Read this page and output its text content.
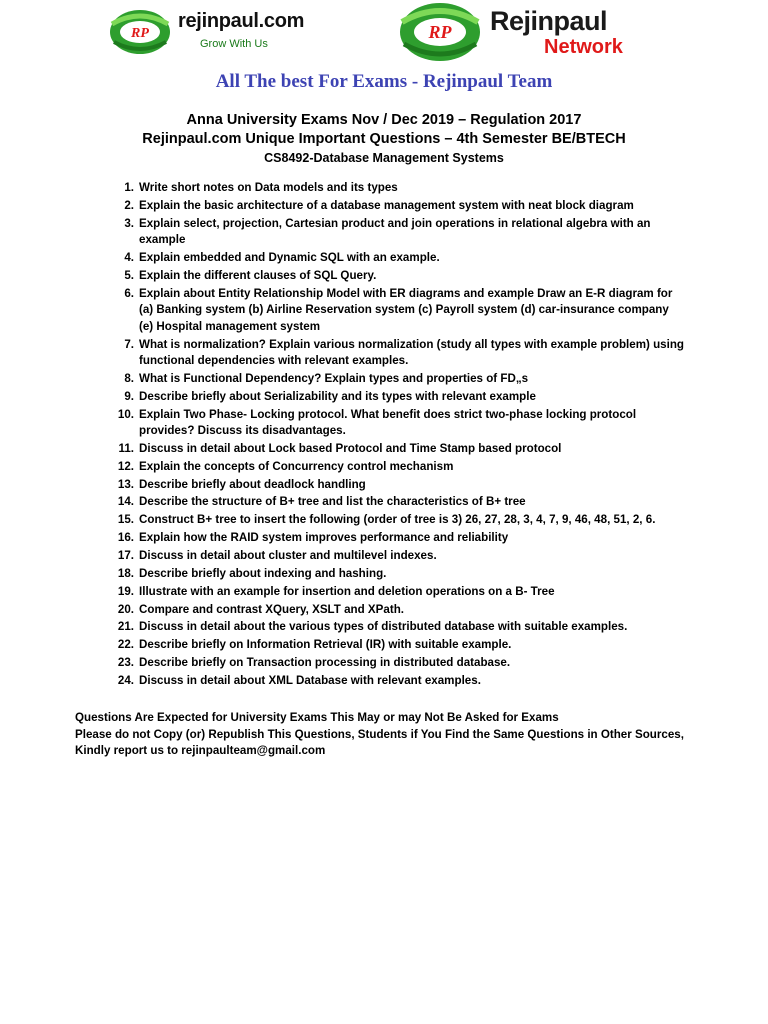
RP
rejinpaul.com
Grow With Us
RP Rejinpaul
Network
All The best For Exams - Rejinpaul Team
Anna University Exams Nov / Dec 2019 – Regulation 2017
Rejinpaul.com Unique Important Questions – 4th Semester BE/BTECH
CS8492-Database Management Systems
1. Write short notes on Data models and its types
2. Explain the basic architecture of a database management system with neat block diagram
3. Explain select, projection, Cartesian product and join operations in relational algebra with an example
4. Explain embedded and Dynamic SQL with an example.
5. Explain the different clauses of SQL Query.
6. Explain about Entity Relationship Model with ER diagrams and example Draw an E-R diagram for (a) Banking system (b) Airline Reservation system (c) Payroll system (d) car-insurance company (e) Hospital management system
7. What is normalization? Explain various normalization (study all types with example problem) using functional dependencies with relevant examples.
8. What is Functional Dependency? Explain types and properties of FD„s
9. Describe briefly about Serializability and its types with relevant example
10. Explain Two Phase- Locking protocol. What benefit does strict two-phase locking protocol provides? Discuss its disadvantages.
11. Discuss in detail about Lock based Protocol and Time Stamp based protocol
12. Explain the concepts of Concurrency control mechanism
13. Describe briefly about deadlock handling
14. Describe the structure of B+ tree and list the characteristics of B+ tree
15. Construct B+ tree to insert the following (order of tree is 3) 26, 27, 28, 3, 4, 7, 9, 46, 48, 51, 2, 6.
16. Explain how the RAID system improves performance and reliability
17. Discuss in detail about cluster and multilevel indexes.
18. Describe briefly about indexing and hashing.
19. Illustrate with an example for insertion and deletion operations on a B- Tree
20. Compare and contrast XQuery, XSLT and XPath.
21. Discuss in detail about the various types of distributed database with suitable examples.
22. Describe briefly on Information Retrieval (IR) with suitable example.
23. Describe briefly on Transaction processing in distributed database.
24. Discuss in detail about XML Database with relevant examples.

Questions Are Expected for University Exams This May or may Not Be Asked for Exams

Please do not Copy (or) Republish This Questions, Students if You Find the Same Questions in Other Sources, Kindly report us to rejinpaulteam@gmail.com
